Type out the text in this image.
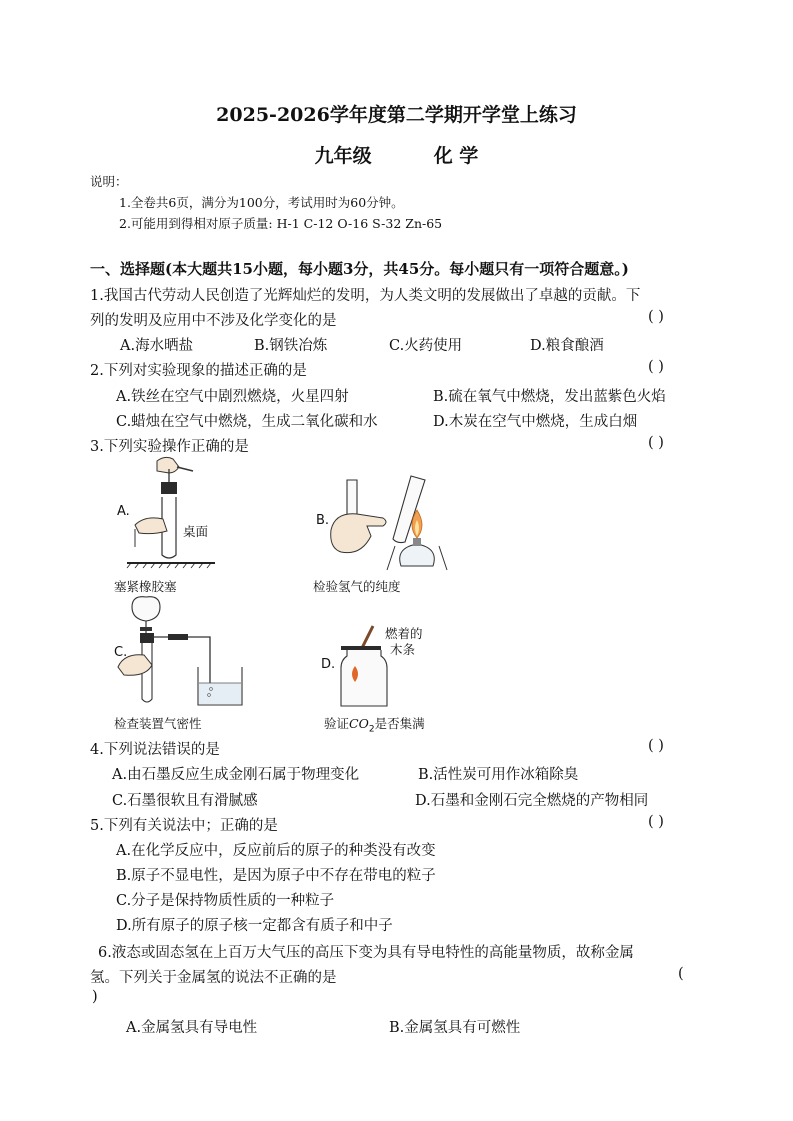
2025-2026学年度第二学期开学堂上练习
九年级	化 学
说明：
1.全卷共6页，满分为100分，考试用时为60分钟。
2.可能用到得相对原子质量: H-1 C-12 O-16 S-32 Zn-65
一、选择题(本大题共15小题，每小题3分，共45分。每小题只有一项符合题意。)
1.我国古代劳动人民创造了光辉灿烂的发明，为人类文明的发展做出了卓越的贡献。下
列的发明及应用中不涉及化学变化的是	( )
A.海水晒盐	B.钢铁冶炼	C.火药使用	D.粮食酿酒
2.下列对实验现象的描述正确的是	( )
A.铁丝在空气中剧烈燃烧，火星四射	B.硫在氧气中燃烧，发出蓝紫色火焰
C.蜡烛在空气中燃烧，生成二氧化碳和水	D.木炭在空气中燃烧，生成白烟
3.下列实验操作正确的是	( )
A.
桌面
塞紧橡胶塞
B.
检验氢气的纯度
C.
检查装置气密性
D.
燃着的
木条
验证$CO_2$是否集满
4.下列说法错误的是	( )
A.由石墨反应生成金刚石属于物理变化	B.活性炭可用作冰箱除臭
C.石墨很软且有滑腻感	D.石墨和金刚石完全燃烧的产物相同
5.下列有关说法中；正确的是	( )
A.在化学反应中，反应前后的原子的种类没有改变
B.原子不显电性，是因为原子中不存在带电的粒子
C.分子是保持物质性质的一种粒子
D.所有原子的原子核一定都含有质子和中子
6.液态或固态氢在上百万大气压的高压下变为具有导电特性的高能量物质，故称金属
氢。下列关于金属氢的说法不正确的是	(
)
A.金属氢具有导电性	B.金属氢具有可燃性
